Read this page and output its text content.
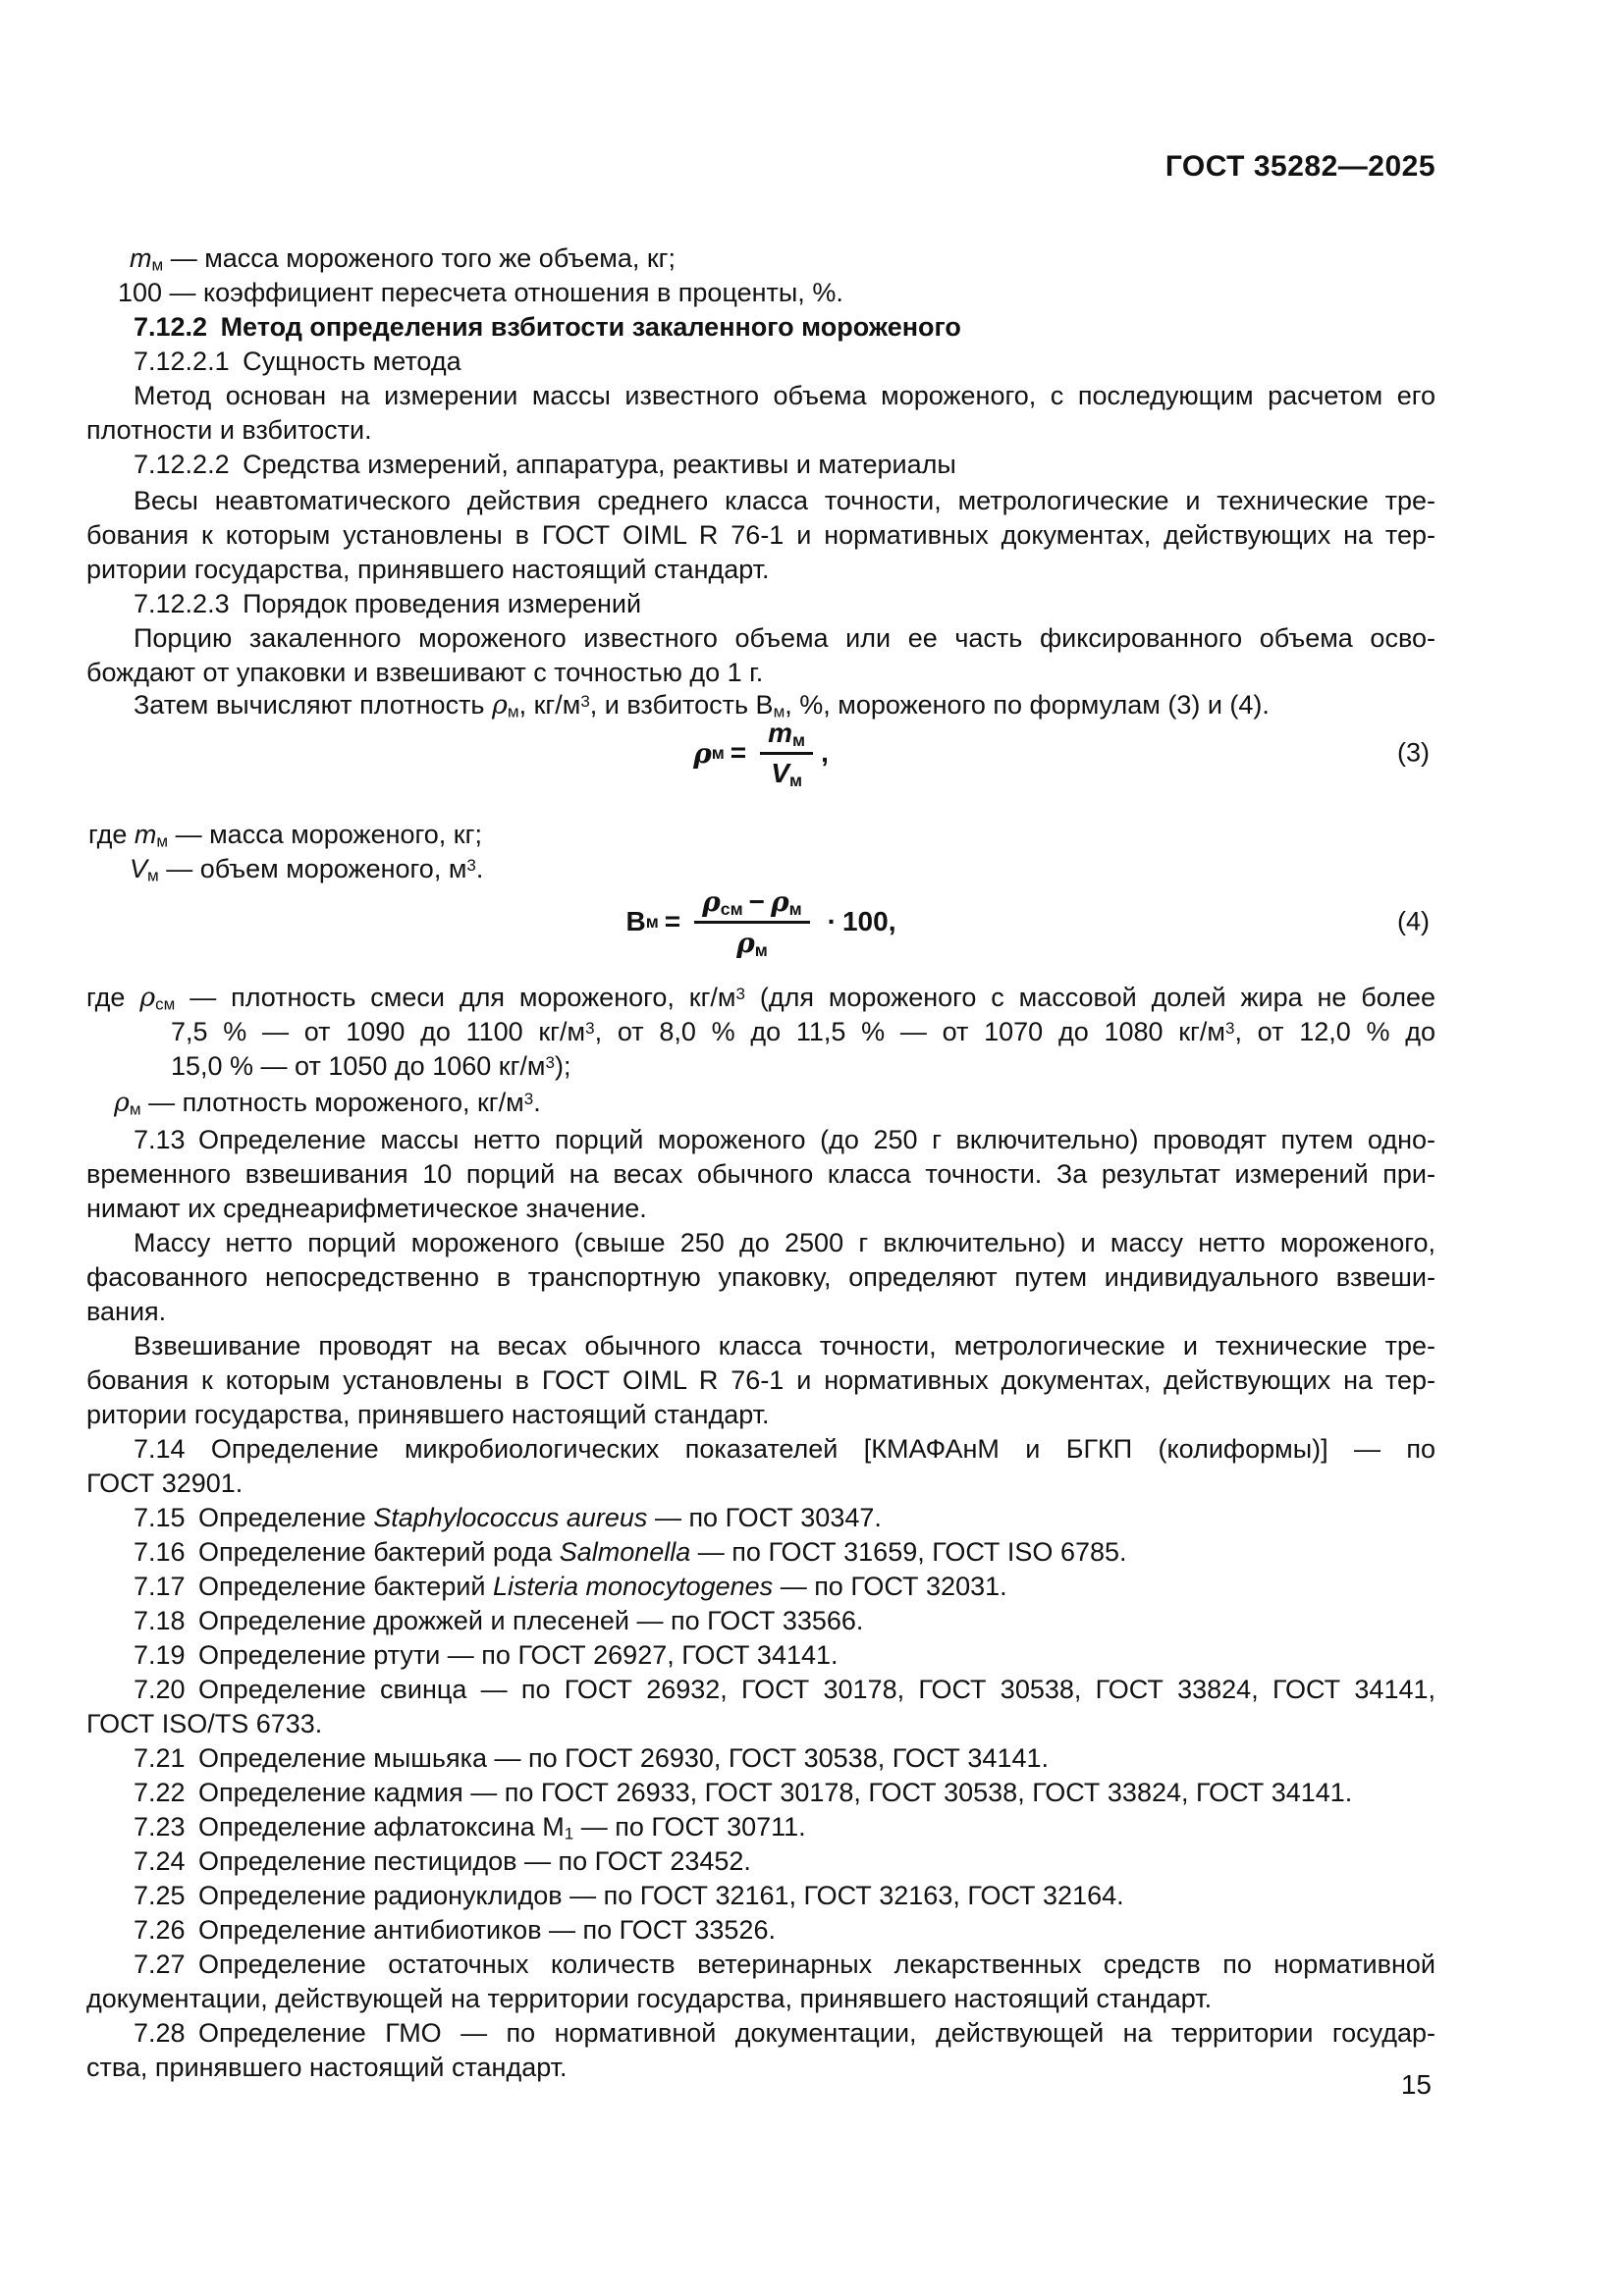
ГОСТ 35282—2025
mм — масса мороженого того же объема, кг;
100 — коэффициент пересчета отношения в проценты, %.
7.12.2 Метод определения взбитости закаленного мороженого
7.12.2.1 Сущность метода
Метод основан на измерении массы известного объема мороженого, с последующим расчетом его
плотности и взбитости.
7.12.2.2 Средства измерений, аппаратура, реактивы и материалы
Весы неавтоматического действия среднего класса точности, метрологические и технические тре-
бования к которым установлены в ГОСТ OIML R 76-1 и нормативных документах, действующих на тер-
ритории государства, принявшего настоящий стандарт.
7.12.2.3 Порядок проведения измерений
Порцию закаленного мороженого известного объема или ее часть фиксированного объема осво-
бождают от упаковки и взвешивают с точностью до 1 г.
Затем вычисляют плотность ρм, $кг/м^3$, и взбитость Вм, %, мороженого по формулам (3) и (4).
где mм — масса мороженого, кг;
Vм — объем мороженого, $м^3$.
где ρсм — плотность смеси для мороженого, $кг/м^3$ (для мороженого с массовой долей жира не более
7,5 % — от 1090 до 1100 $кг/м^3$, от 8,0 % до 11,5 % — от 1070 до 1080 $кг/м^3$, от 12,0 % до
15,0 % — от 1050 до 1060 $кг/м^3$);
ρм — плотность мороженого, $кг/м^3$.
7.13 Определение массы нетто порций мороженого (до 250 г включительно) проводят путем одно-
временного взвешивания 10 порций на весах обычного класса точности. За результат измерений при-
нимают их среднеарифметическое значение.
Массу нетто порций мороженого (свыше 250 до 2500 г включительно) и массу нетто мороженого,
фасованного непосредственно в транспортную упаковку, определяют путем индивидуального взвеши-
вания.
Взвешивание проводят на весах обычного класса точности, метрологические и технические тре-
бования к которым установлены в ГОСТ OIML R 76-1 и нормативных документах, действующих на тер-
ритории государства, принявшего настоящий стандарт.
7.14 Определение микробиологических показателей [КМАФАнМ и БГКП (колиформы)] — по
ГОСТ 32901.
7.15 Определение Staphylococcus aureus — по ГОСТ 30347.
7.16 Определение бактерий рода Salmonella — по ГОСТ 31659, ГОСТ ISO 6785.
7.17 Определение бактерий Listeria monocytogenes — по ГОСТ 32031.
7.18 Определение дрожжей и плесеней — по ГОСТ 33566.
7.19 Определение ртути — по ГОСТ 26927, ГОСТ 34141.
7.20 Определение свинца — по ГОСТ 26932, ГОСТ 30178, ГОСТ 30538, ГОСТ 33824, ГОСТ 34141,
ГОСТ ISO/TS 6733.
7.21 Определение мышьяка — по ГОСТ 26930, ГОСТ 30538, ГОСТ 34141.
7.22 Определение кадмия — по ГОСТ 26933, ГОСТ 30178, ГОСТ 30538, ГОСТ 33824, ГОСТ 34141.
7.23 Определение афлатоксина М1 — по ГОСТ 30711.
7.24 Определение пестицидов — по ГОСТ 23452.
7.25 Определение радионуклидов — по ГОСТ 32161, ГОСТ 32163, ГОСТ 32164.
7.26 Определение антибиотиков — по ГОСТ 33526.
7.27 Определение остаточных количеств ветеринарных лекарственных средств по нормативной
документации, действующей на территории государства, принявшего настоящий стандарт.
7.28 Определение ГМО — по нормативной документации, действующей на территории государ-
ства, принявшего настоящий стандарт.
ρ $м = \frac{mм}{Vм}$ ,	(3)
В $м = \frac{\text{ρсм − ρм}}{\rho м} \cdot 100$,	(4)
15
